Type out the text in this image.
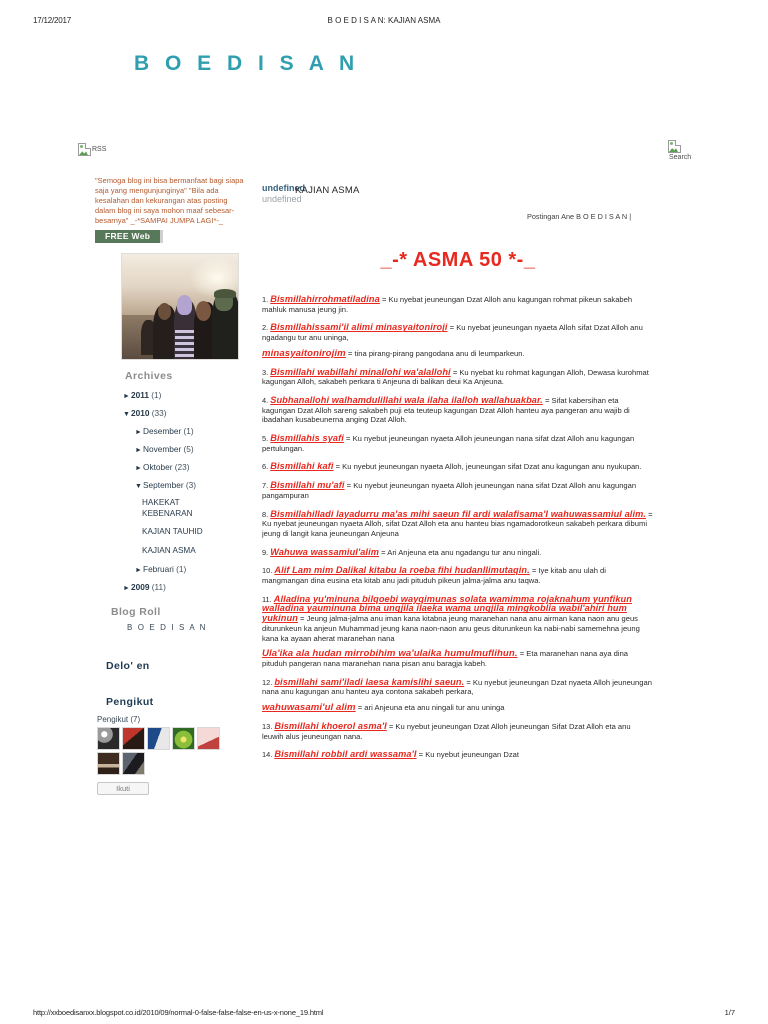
17/12/2017	B O E D I S A N: KAJIAN ASMA
B O E D I S A N
RSS
Search
"Semoga blog ini bisa bermanfaat bagi siapa saja yang mengunjunginya" "Bila ada kesalahan dan kekurangan atas posting dalam blog ini saya mohon maaf sebesar-besarnya" _-*SAMPAI JUMPA LAGI*-_
FREE Web
Archives
► 2011
(1)
▼ 2010
(33)
► Desember
(1)
► November
(5)
► Oktober
(23)
▼ September
(3)
HAKEKAT KEBENARAN
KAJIAN TAUHID
KAJIAN ASMA
► Februari
(1)
► 2009
(11)
Blog Roll
B O E D I S A N
Delo' en
Pengikut
Pengikut (7)
Ikuti
undefined
undefined
KAJIAN ASMA
Postingan Ane B O E D I S A N |
_-* ASMA 50 *-_
1. Bismillahirrohmatiladina = Ku nyebat jeuneungan Dzat Alloh anu kagungan rohmat pikeun sakabeh mahluk manusa jeung jin.
2. Bismillahissami'il alimi minasyaitoniroji = Ku nyebat jeuneungan nyaeta Alloh sifat Dzat Alloh anu ngadangu tur anu uninga,
minasyaitonirojim = tina pirang-pirang pangodana anu di leumparkeun.
3. Bismillahi wabillahi minallohi wa'alallohi = Ku nyebat ku rohmat kagungan Alloh, Dewasa kurohmat kagungan Alloh, sakabeh perkara ti Anjeuna di balikan deui Ka Anjeuna.
4. Subhanallohi walhamdulillahi wala ilaha ilalloh wallahuakbar. = Sifat kabersihan eta kagungan Dzat Alloh sareng sakabeh puji eta teuteup kagungan Dzat Alloh hanteu aya pangeran anu wajib di ibadahan kusabeunerna anging Dzat Alloh.
5. Bismillahis syafi = Ku nyebut jeuneungan nyaeta Alloh jeuneungan nana sifat dzat Alloh anu kagungan pertulungan.
6. Bismillahi kafi = Ku nyebut jeuneungan nyaeta Alloh, jeuneungan sifat Dzat anu kagungan anu nyukupan.
7. Bismillahi mu'afi = Ku nyebut jeuneungan nyaeta Alloh jeuneungan nana sifat Dzat Alloh anu kagungan pangampuran
8. Bismillahilladi layadurru ma'as mihi saeun fil ardi walafisama'I wahuwassamiul alim. = Ku nyebat jeuneungan nyaeta Alloh, sifat Dzat Alloh eta anu hanteu bias ngamadorotkeun sakabeh perkara dibumi jeung di langit kana jeuneungan Anjeuna
9. Wahuwa wassamiul'alim = Ari Anjeuna eta anu ngadangu tur anu ningali.
10. Alif Lam mim Dalikal kitabu la roeba fihi hudanllimutaqin. = Iye kitab anu ulah di mangmangan dina eusina eta kitab anu jadi pituduh pikeun jalma-jalma anu taqwa.
11. Alladina yu'minuna bilqoebi wayqimunas solata wamimma rojaknahum yunfikun walladina yauminuna bima unqjila ilaeka wama unqjila mingkoblia wabil'ahiri hum yukinun = Jeung jalma-jalma anu iman kana kitabna jeung maranehan nana anu airman kana naon anu geus diturunkeun ka anjeun Muhammad jeung kana naon-naon anu geus diturunkeun ka nabi-nabi samemehna jeung kana ka ayaan aherat maranehan nana
Ula'ika ala hudan mirrobihim wa'ulaika humulmuflihun. = Eta maranehan nana aya dina pituduh pangeran nana maranehan nana pisan anu baragja kabeh.
12. bismillahi sami'iladi laesa kamislihi saeun. = Ku nyebut jeuneungan Dzat nyaeta Alloh jeuneungan nana anu kagungan anu hanteu aya contona sakabeh perkara,
wahuwasami'ul alim = ari Anjeuna eta anu ningali tur anu uninga
13. Bismillahi khoerol asma'I = Ku nyebut jeuneungan Dzat Alloh jeuneungan Sifat Dzat Alloh eta anu leuwih alus jeuneungan nana.
14. Bismillahi robbil ardi wassama'I = Ku nyebut jeuneungan Dzat
http://xxboedisanxx.blogspot.co.id/2010/09/normal-0-false-false-false-en-us-x-none_19.html	1/7
